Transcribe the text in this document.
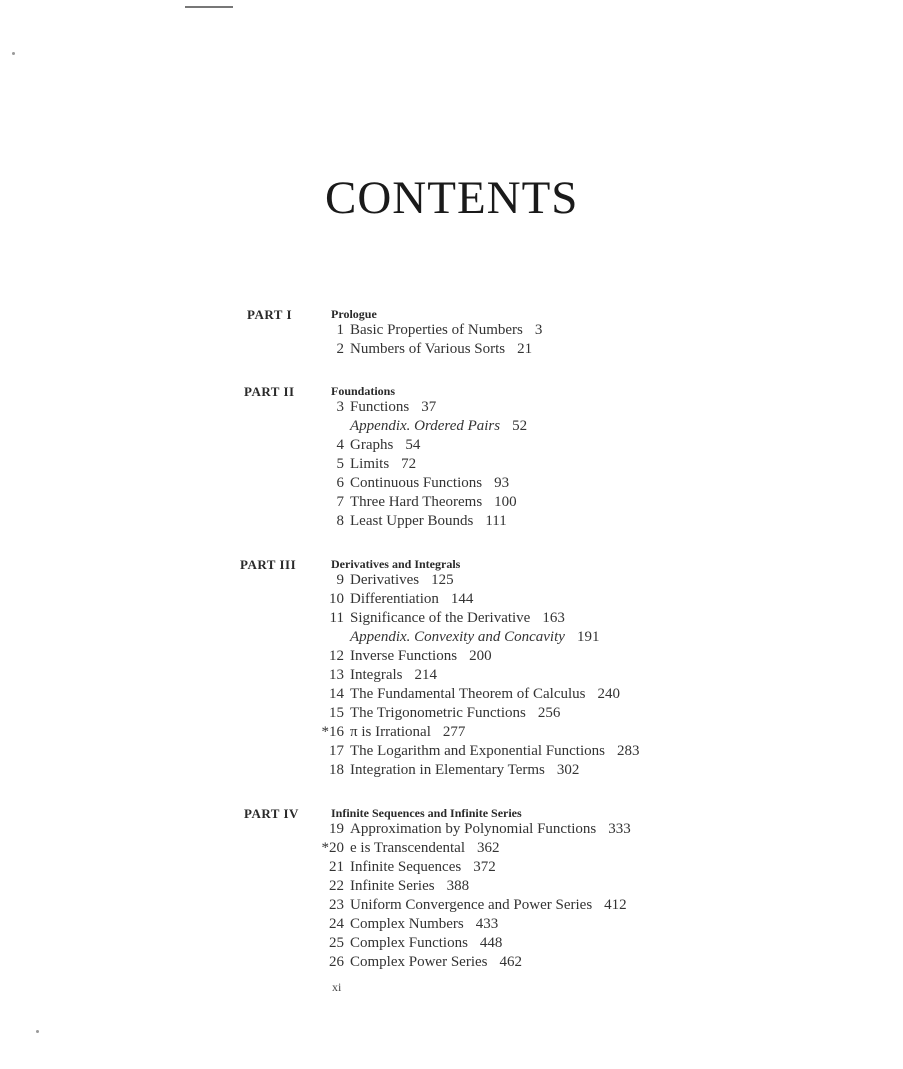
CONTENTS
PART I	Prologue
1 Basic Properties of Numbers 3
2 Numbers of Various Sorts 21
PART II	Foundations
3 Functions 37
Appendix. Ordered Pairs 52
4 Graphs 54
5 Limits 72
6 Continuous Functions 93
7 Three Hard Theorems 100
8 Least Upper Bounds 111
PART III	Derivatives and Integrals
9 Derivatives 125
10 Differentiation 144
11 Significance of the Derivative 163
Appendix. Convexity and Concavity 191
12 Inverse Functions 200
13 Integrals 214
14 The Fundamental Theorem of Calculus 240
15 The Trigonometric Functions 256
*16 π is Irrational 277
17 The Logarithm and Exponential Functions 283
18 Integration in Elementary Terms 302
PART IV	Infinite Sequences and Infinite Series
19 Approximation by Polynomial Functions 333
*20 e is Transcendental 362
21 Infinite Sequences 372
22 Infinite Series 388
23 Uniform Convergence and Power Series 412
24 Complex Numbers 433
25 Complex Functions 448
26 Complex Power Series 462
xi
